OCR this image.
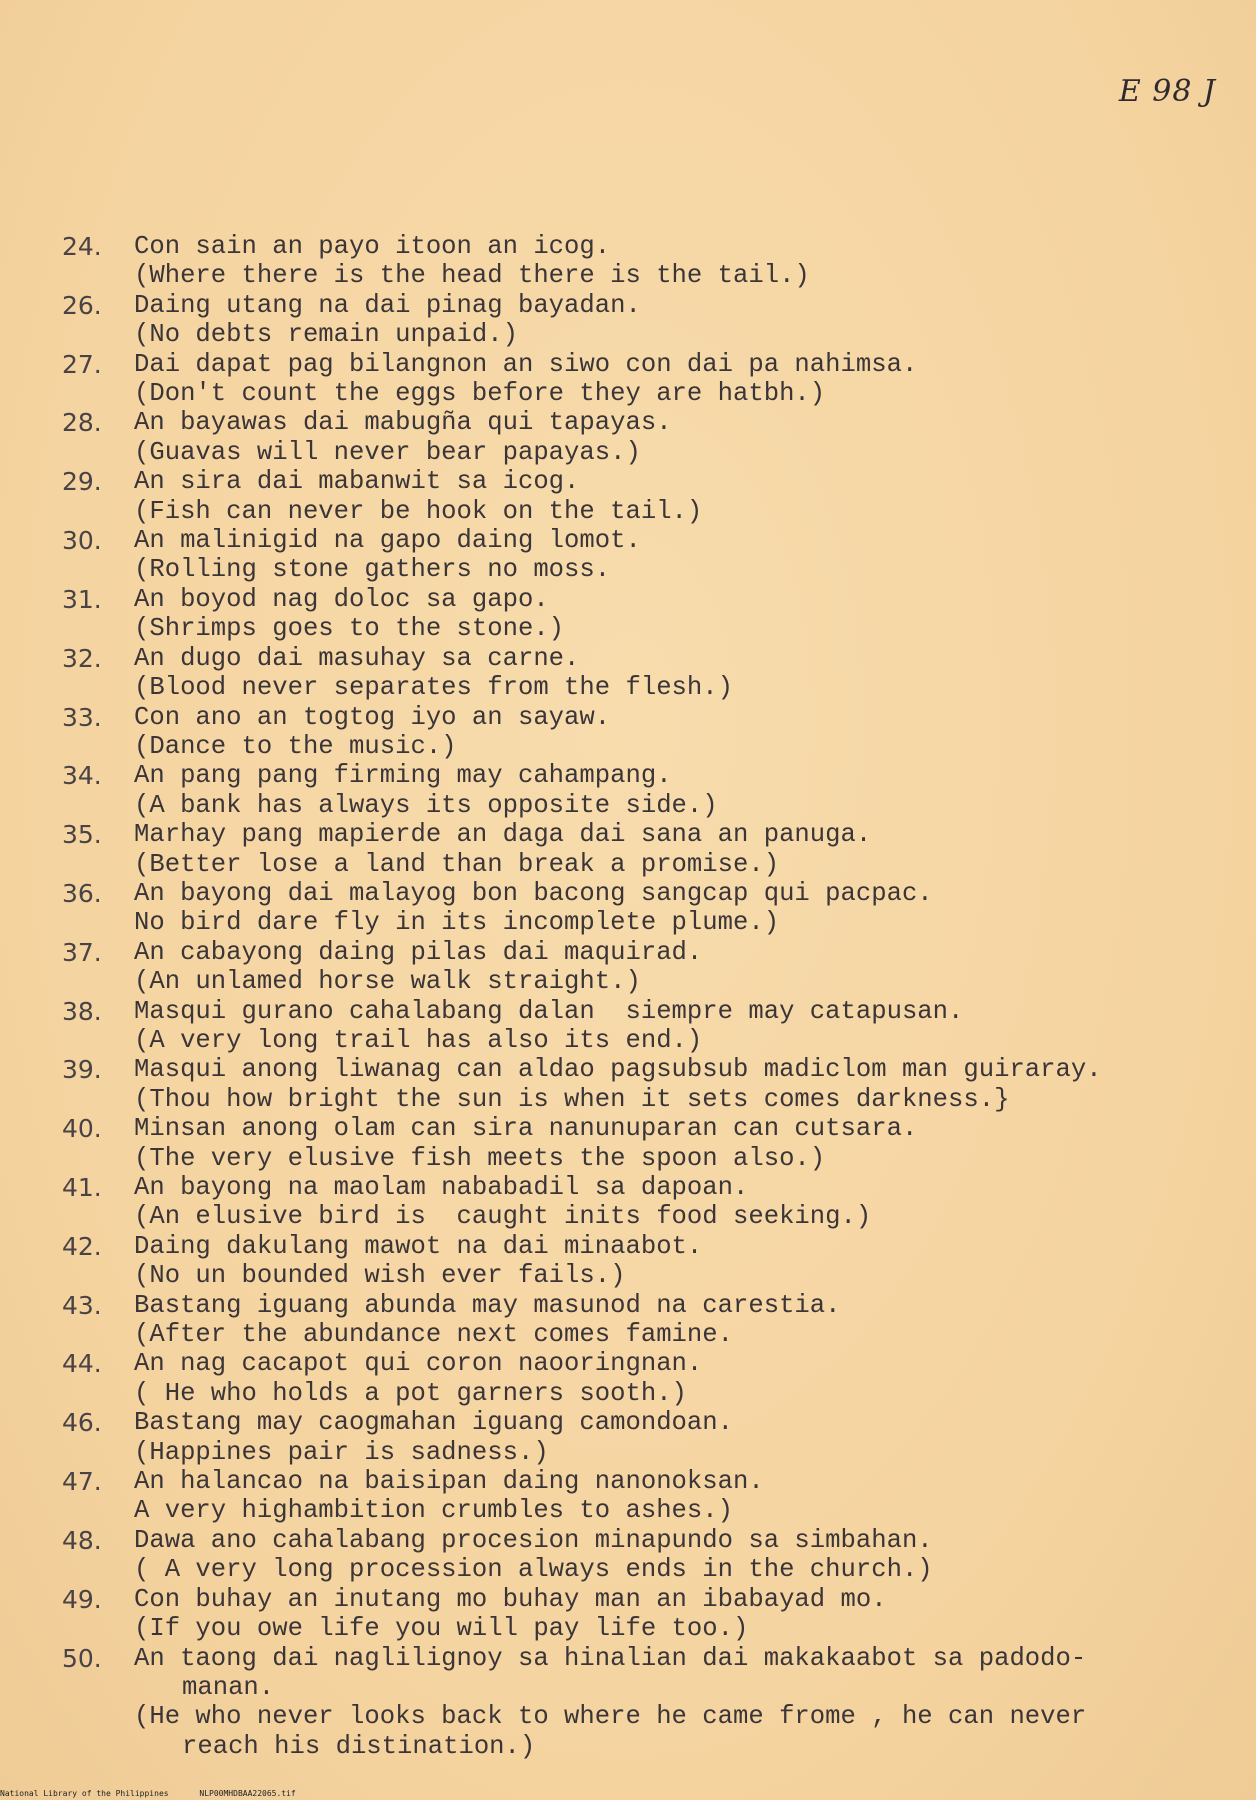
E 98 J
24.	Con sain an payo itoon an icog.
(Where there is the head there is the tail.)
26.	Daing utang na dai pinag bayadan.
(No debts remain unpaid.)
27.	Dai dapat pag bilangnon an siwo con dai pa nahimsa.
(Don't count the eggs before they are hatbh.)
28.	An bayawas dai mabugña qui tapayas.
(Guavas will never bear papayas.)
29.	An sira dai mabanwit sa icog.
(Fish can never be hook on the tail.)
30.	An malinigid na gapo daing lomot.
(Rolling stone gathers no moss.
31.	An boyod nag doloc sa gapo.
(Shrimps goes to the stone.)
32.	An dugo dai masuhay sa carne.
(Blood never separates from the flesh.)
33.	Con ano an togtog iyo an sayaw.
(Dance to the music.)
34.	An pang pang firming may cahampang.
(A bank has always its opposite side.)
35.	Marhay pang mapierde an daga dai sana an panuga.
(Better lose a land than break a promise.)
36.	An bayong dai malayog bon bacong sangcap qui pacpac.
No bird dare fly in its incomplete plume.)
37.	An cabayong daing pilas dai maquirad.
(An unlamed horse walk straight.)
38.	Masqui gurano cahalabang dalan  siempre may catapusan.
(A very long trail has also its end.)
39.	Masqui anong liwanag can aldao pagsubsub madiclom man guiraray.
(Thou how bright the sun is when it sets comes darkness.}
40.	Minsan anong olam can sira nanunuparan can cutsara.
(The very elusive fish meets the spoon also.)
41.	An bayong na maolam nababadil sa dapoan.
(An elusive bird is  caught inits food seeking.)
42.	Daing dakulang mawot na dai minaabot.
(No un bounded wish ever fails.)
43.	Bastang iguang abunda may masunod na carestia.
(After the abundance next comes famine.
44.	An nag cacapot qui coron naooringnan.
( He who holds a pot garners sooth.)
46.	Bastang may caogmahan iguang camondoan.
(Happines pair is sadness.)
47.	An halancao na baisipan daing nanonoksan.
A very highambition crumbles to ashes.)
48.	Dawa ano cahalabang procesion minapundo sa simbahan.
( A very long procession always ends in the church.)
49.	Con buhay an inutang mo buhay man an ibabayad mo.
(If you owe life you will pay life too.)
50.	An taong dai naglilignoy sa hinalian dai makakaabot sa padodo-
manan.
(He who never looks back to where he came frome , he can never
reach his distination.)
National Library of the Philippines	NLP00MHDBAA22065.tif
